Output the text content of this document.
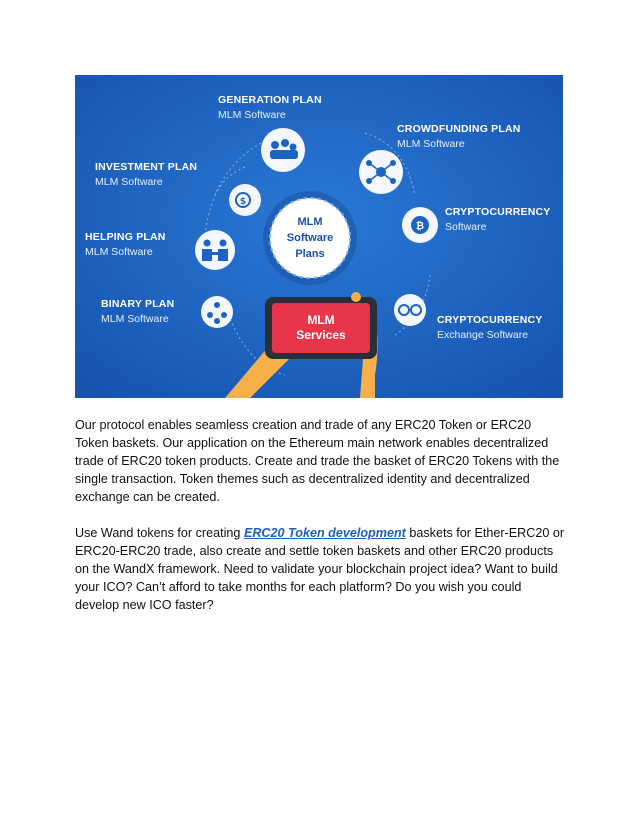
MLM
Software
Plans
$
₿
GENERATION PLAN
MLM Software
CROWDFUNDING PLAN
MLM Software
INVESTMENT PLAN
MLM Software
CRYPTOCURRENCY
Software
HELPING PLAN
MLM Software
BINARY PLAN
MLM Software	CRYPTOCURRENCY
Exchange Software
MLM
Services

Our protocol enables seamless creation and trade of any ERC20 Token or ERC20 Token baskets. Our application on the Ethereum main network enables decentralized trade of ERC20 token products. Create and trade the basket of ERC20 Tokens with the single transaction. Token themes such as decentralized identity and decentralized exchange can be created.

Use Wand tokens for creating ERC20 Token development baskets for Ether-ERC20 or ERC20-ERC20 trade, also create and settle token baskets and other ERC20 products on the WandX framework. Need to validate your blockchain project idea? Want to build your ICO? Can’t afford to take months for each platform? Do you wish you could develop new ICO faster?
